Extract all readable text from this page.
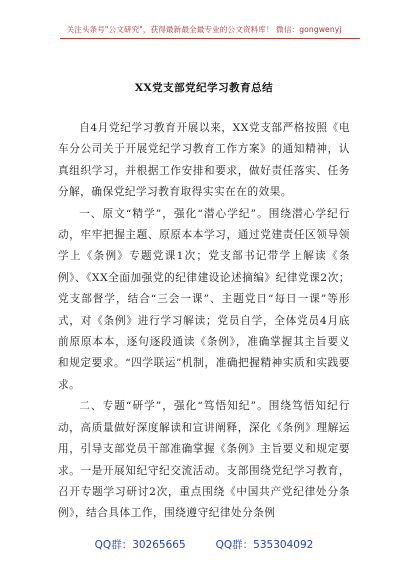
关注头条号"公文研究"，获得最新最全最专业的公文资料库！ 微信：gongwenyj
XX党支部党纪学习教育总结

自4月党纪学习教育开展以来，XX党支部严格按照《电车分公司关于开展党纪学习教育工作方案》的通知精神，认真组织学习，并根据工作安排和要求，做好责任落实、任务分解，确保党纪学习教育取得实实在在的效果。

一、原文“精学”，强化“潜心学纪”。围绕潜心学纪行动，牢牢把握主题、原原本本学习，通过党建责任区领导领学上《条例》专题党课1次；党支部书记带学上解读《条例》、《XX全面加强党的纪律建设论述摘编》纪律党课2次；党支部督学，结合“三会一课”、主题党日“每日一课”等形式，对《条例》进行学习解读；党员自学，全体党员4月底前原原本本，逐句逐段通读《条例》，准确掌握其主旨要义和规定要求。“四学联运”机制，准确把握精神实质和实践要求。

二、专题“研学”，强化“笃悟知纪”。围绕笃悟知纪行动，高质量做好深度解读和宣讲阐释，深化《条例》理解运用，引导支部党员干部准确掌握《条例》主旨要义和规定要求。一是开展知纪守纪交流活动。支部围绕党纪学习教育，召开专题学习研讨2次，重点围绕《中国共产党纪律处分条例》，结合具体工作，围绕遵守纪律处分条例

QQ群：30265665	QQ群：535304092
